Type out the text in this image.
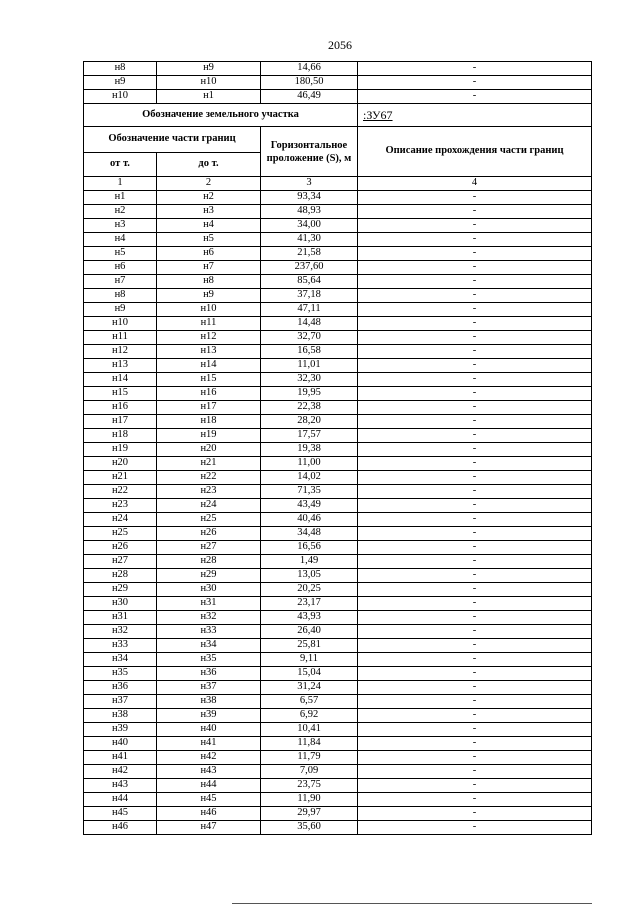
2056
н8	н9	14,66	-
н9	н10	180,50	-
н10	н1	46,49	-
Обозначение земельного участка			:ЗУ67
Обозначение части границ		Горизонтальное проложение (S), м	Описание прохождения части границ
от т.	до т.		
1	2	3	4
н1	н2	93,34	-
н2	н3	48,93	-
н3	н4	34,00	-
н4	н5	41,30	-
н5	н6	21,58	-
н6	н7	237,60	-
н7	н8	85,64	-
н8	н9	37,18	-
н9	н10	47,11	-
н10	н11	14,48	-
н11	н12	32,70	-
н12	н13	16,58	-
н13	н14	11,01	-
н14	н15	32,30	-
н15	н16	19,95	-
н16	н17	22,38	-
н17	н18	28,20	-
н18	н19	17,57	-
н19	н20	19,38	-
н20	н21	11,00	-
н21	н22	14,02	-
н22	н23	71,35	-
н23	н24	43,49	-
н24	н25	40,46	-
н25	н26	34,48	-
н26	н27	16,56	-
н27	н28	1,49	-
н28	н29	13,05	-
н29	н30	20,25	-
н30	н31	23,17	-
н31	н32	43,93	-
н32	н33	26,40	-
н33	н34	25,81	-
н34	н35	9,11	-
н35	н36	15,04	-
н36	н37	31,24	-
н37	н38	6,57	-
н38	н39	6,92	-
н39	н40	10,41	-
н40	н41	11,84	-
н41	н42	11,79	-
н42	н43	7,09	-
н43	н44	23,75	-
н44	н45	11,90	-
н45	н46	29,97	-
н46	н47	35,60	-
